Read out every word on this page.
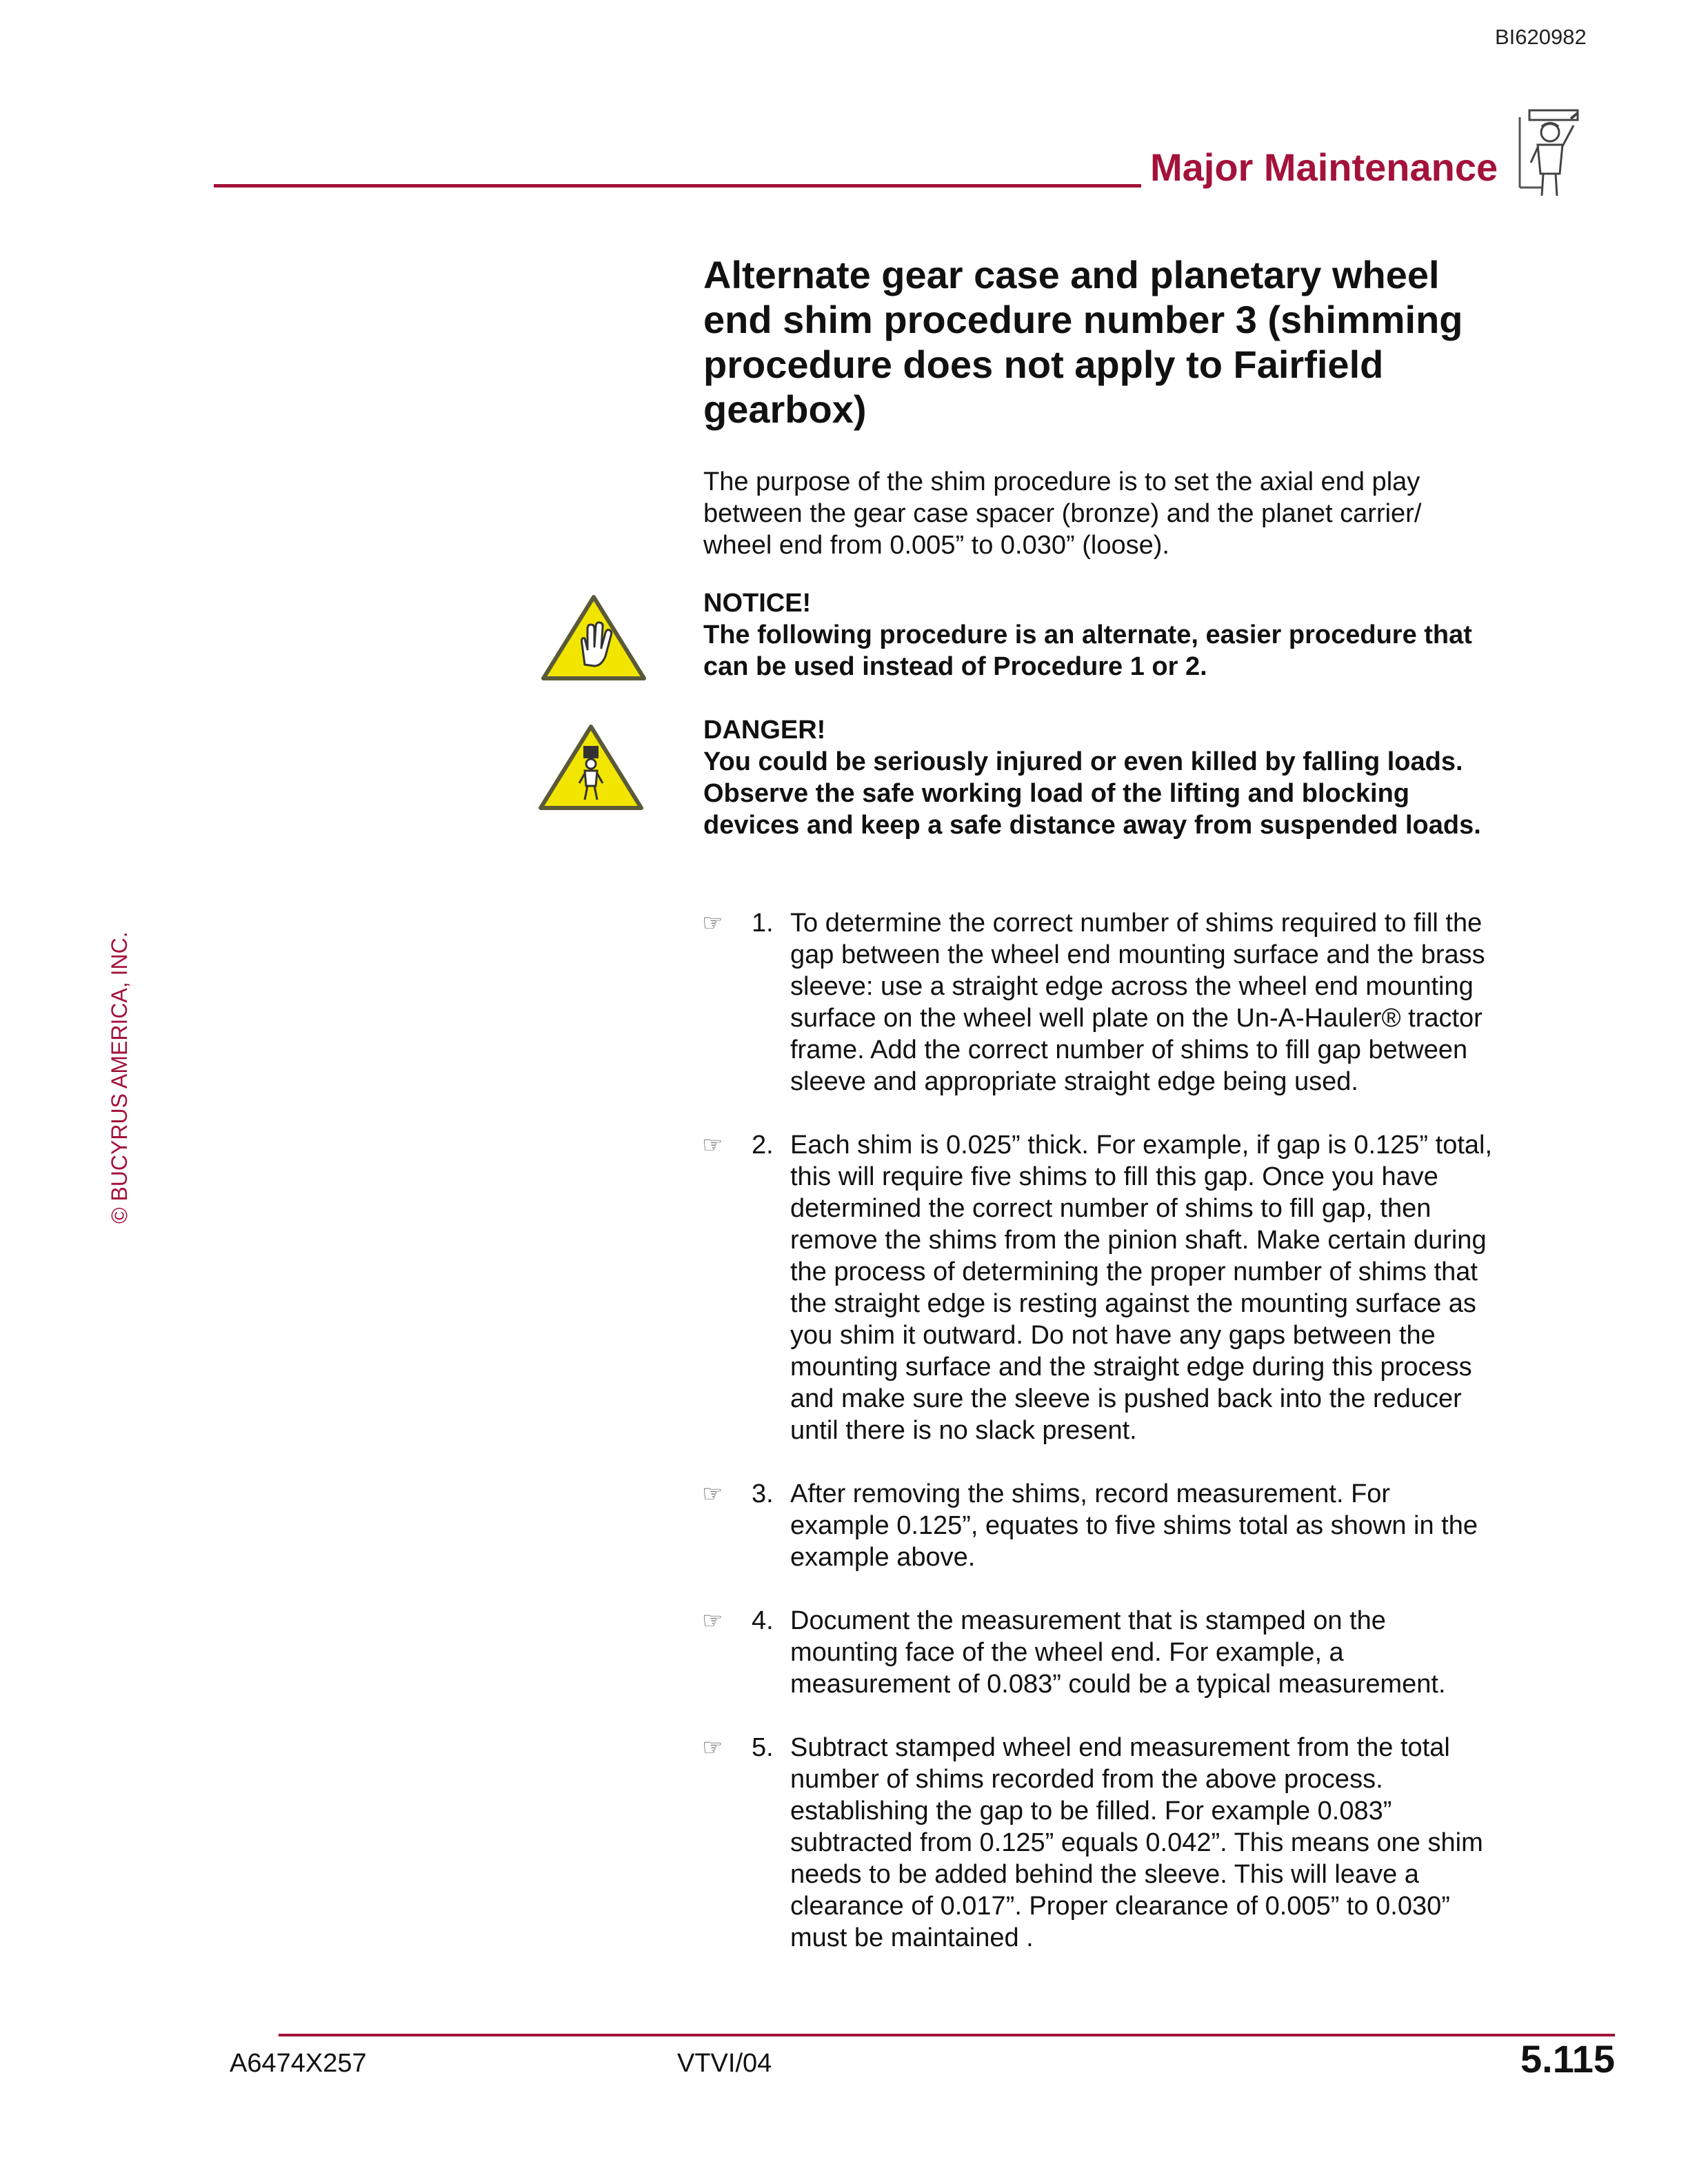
BI620982
Major Maintenance
© BUCYRUS AMERICA, INC.
Alternate gear case and planetary wheel end shim procedure number 3 (shimming procedure does not apply to Fairfield gearbox)

The purpose of the shim procedure is to set the axial end play between the gear case spacer (bronze) and the planet carrier/ wheel end from 0.005” to 0.030” (loose).

NOTICE!

The following procedure is an alternate, easier procedure that can be used instead of Procedure 1 or 2.

DANGER!

You could be seriously injured or even killed by falling loads. Observe the safe working load of the lifting and blocking devices and keep a safe distance away from suspended loads.

☞ 1. To determine the correct number of shims required to fill the gap between the wheel end mounting surface and the brass sleeve: use a straight edge across the wheel end mounting surface on the wheel well plate on the Un-A-Hauler® tractor frame. Add the correct number of shims to fill gap between sleeve and appropriate straight edge being used.
☞ 2. Each shim is 0.025” thick. For example, if gap is 0.125” total, this will require five shims to fill this gap. Once you have determined the correct number of shims to fill gap, then remove the shims from the pinion shaft. Make certain during the process of determining the proper number of shims that the straight edge is resting against the mounting surface as you shim it outward. Do not have any gaps between the mounting surface and the straight edge during this process and make sure the sleeve is pushed back into the reducer until there is no slack present.
☞ 3. After removing the shims, record measurement. For example 0.125”, equates to five shims total as shown in the example above.
☞ 4. Document the measurement that is stamped on the mounting face of the wheel end. For example, a measurement of 0.083” could be a typical measurement.
☞ 5. Subtract stamped wheel end measurement from the total number of shims recorded from the above process. establishing the gap to be filled. For example 0.083” subtracted from 0.125” equals 0.042”. This means one shim needs to be added behind the sleeve. This will leave a clearance of 0.017”. Proper clearance of 0.005” to 0.030” must be maintained .
A6474X257	VTVI/04	5.115
